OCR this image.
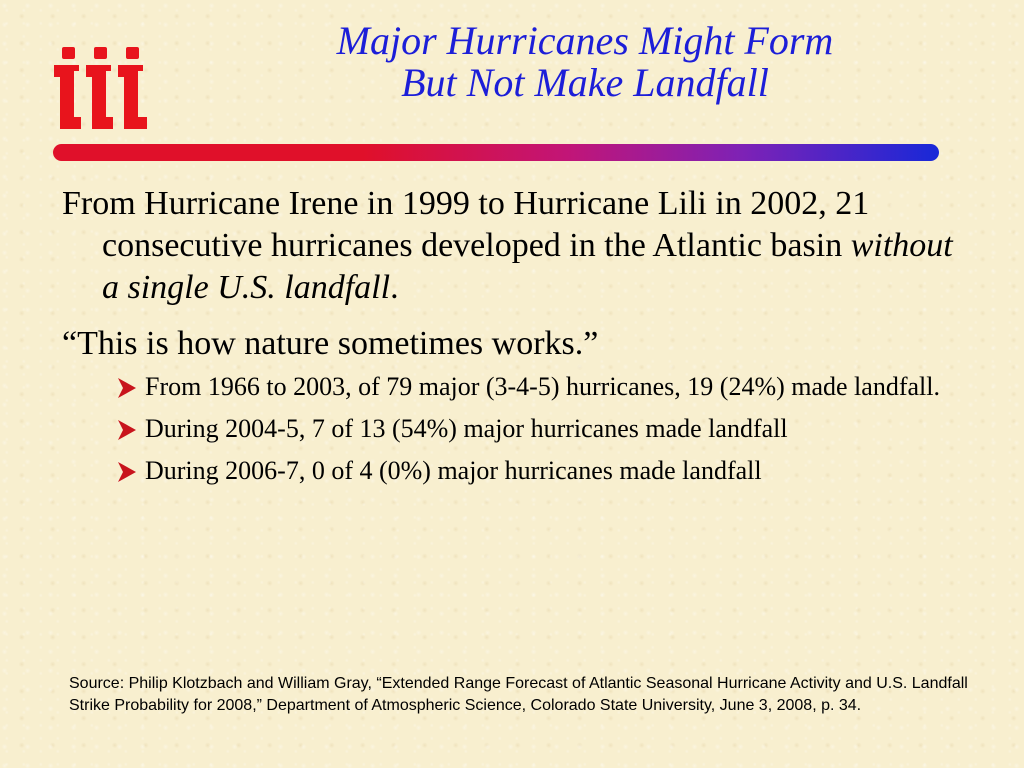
Major Hurricanes Might Form
But Not Make Landfall

From Hurricane Irene in 1999 to Hurricane Lili in 2002, 21 consecutive hurricanes developed in the Atlantic basin without a single U.S. landfall.

“This is how nature sometimes works.”

From 1966 to 2003, of 79 major (3-4-5) hurricanes, 19 (24%) made landfall.
During 2004-5, 7 of 13 (54%) major hurricanes made landfall
During 2006-7, 0 of 4 (0%) major hurricanes made landfall
Source: Philip Klotzbach and William Gray, “Extended Range Forecast of Atlantic Seasonal Hurricane Activity and U.S. Landfall Strike Probability for 2008,” Department of Atmospheric Science, Colorado State University, June 3, 2008, p. 34.
